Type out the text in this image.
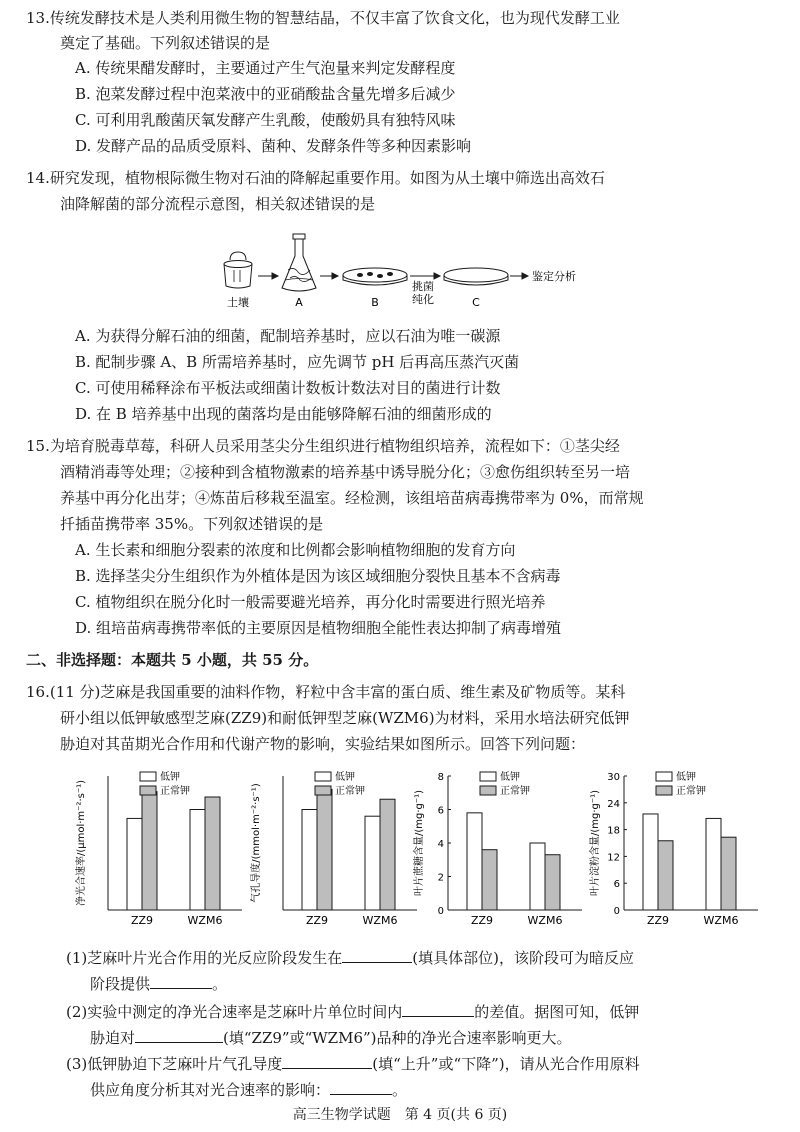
13.传统发酵技术是人类利用微生物的智慧结晶，不仅丰富了饮食文化，也为现代发酵工业
奠定了基础。下列叙述错误的是
A. 传统果醋发酵时，主要通过产生气泡量来判定发酵程度
B. 泡菜发酵过程中泡菜液中的亚硝酸盐含量先增多后减少
C. 可利用乳酸菌厌氧发酵产生乳酸，使酸奶具有独特风味
D. 发酵产品的品质受原料、菌种、发酵条件等多种因素影响
14.研究发现，植物根际微生物对石油的降解起重要作用。如图为从土壤中筛选出高效石
油降解菌的部分流程示意图，相关叙述错误的是
土壤	A	B
挑菌
纯化	C
鉴定分析
A. 为获得分解石油的细菌，配制培养基时，应以石油为唯一碳源
B. 配制步骤 A、B 所需培养基时，应先调节 pH 后再高压蒸汽灭菌
C. 可使用稀释涂布平板法或细菌计数板计数法对目的菌进行计数
D. 在 B 培养基中出现的菌落均是由能够降解石油的细菌形成的
15.为培育脱毒草莓，科研人员采用茎尖分生组织进行植物组织培养，流程如下：①茎尖经
酒精消毒等处理；②接种到含植物激素的培养基中诱导脱分化；③愈伤组织转至另一培
养基中再分化出芽；④炼苗后移栽至温室。经检测，该组培苗病毒携带率为 0%，而常规
扦插苗携带率 35%。下列叙述错误的是
A. 生长素和细胞分裂素的浓度和比例都会影响植物细胞的发育方向
B. 选择茎尖分生组织作为外植体是因为该区域细胞分裂快且基本不含病毒
C. 植物组织在脱分化时一般需要避光培养，再分化时需要进行照光培养
D. 组培苗病毒携带率低的主要原因是植物细胞全能性表达抑制了病毒增殖
二、非选择题：本题共 5 小题，共 55 分。
16.(11 分)芝麻是我国重要的油料作物，籽粒中含丰富的蛋白质、维生素及矿物质等。某科
研小组以低钾敏感型芝麻(ZZ9)和耐低钾型芝麻(WZM6)为材料，采用水培法研究低钾
胁迫对其苗期光合作用和代谢产物的影响，实验结果如图所示。回答下列问题：
净光合速率/(μmol·m⁻²·s⁻¹)
ZZ9	WZM6
低钾
正常钾	气孔导度/(mmol·m⁻²·s⁻¹)
ZZ9	WZM6
低钾
正常钾	叶片蔗糖含量/(mg·g⁻¹)
0
2
4
6
8
ZZ9	WZM6
低钾
正常钾	叶片淀粉含量/(mg·g⁻¹)
0
6
12
18
24
30
ZZ9	WZM6
低钾
正常钾
(1)芝麻叶片光合作用的光反应阶段发生在	(填具体部位)，该阶段可为暗反应
阶段提供	。
(2)实验中测定的净光合速率是芝麻叶片单位时间内	的差值。据图可知，低钾
胁迫对	(填“ZZ9”或“WZM6”)品种的净光合速率影响更大。
(3)低钾胁迫下芝麻叶片气孔导度	(填“上升”或“下降”)，请从光合作用原料
供应角度分析其对光合速率的影响：	。
高三生物学试题　第 4 页(共 6 页)
